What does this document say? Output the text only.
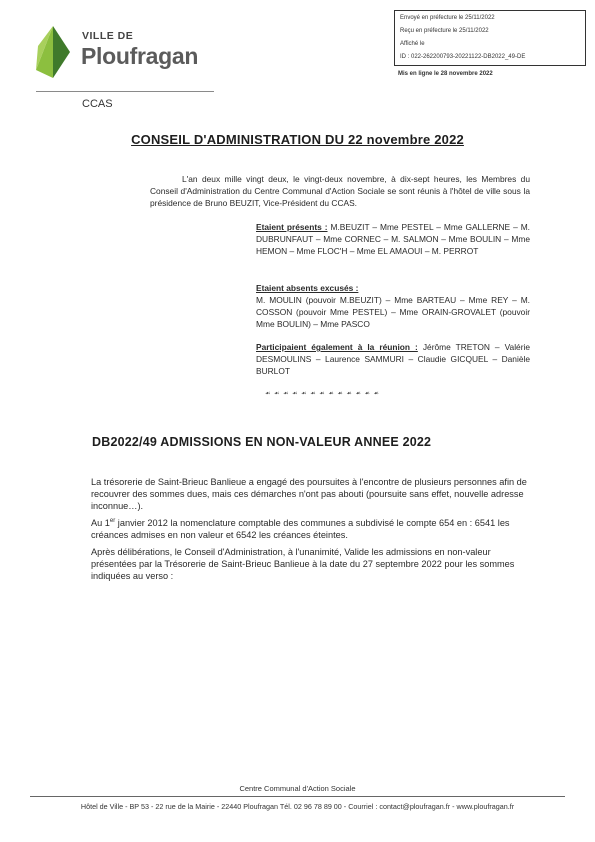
VILLE DE
Ploufragan
CCAS
Envoyé en préfecture le 25/11/2022
Reçu en préfecture le 25/11/2022
Affiché le
ID : 022-262200793-20221122-DB2022_49-DE
Mis en ligne le 28 novembre 2022
CONSEIL D'ADMINISTRATION DU 22 novembre 2022
L'an deux mille vingt deux, le vingt-deux novembre, à dix-sept heures, les Membres du Conseil d'Administration du Centre Communal d'Action Sociale se sont réunis à l'hôtel de ville sous la présidence de Bruno BEUZIT, Vice-Président du CCAS.
Etaient présents : M.BEUZIT – Mme PESTEL – Mme GALLERNE – M. DUBRUNFAUT – Mme CORNEC – M. SALMON – Mme BOULIN – Mme HEMON – Mme FLOC'H – Mme EL AMAOUI – M. PERROT
Etaient absents excusés :
M. MOULIN (pouvoir M.BEUZIT) – Mme BARTEAU – Mme REY – M. COSSON (pouvoir Mme PESTEL) – Mme ORAIN-GROVALET (pouvoir Mme BOULIN) – Mme PASCO
Participaient également à la réunion : Jérôme TRETON – Valérie DESMOULINS – Laurence SAMMURI – Claudie GICQUEL – Danièle BURLOT
☙ ☙ ☙ ☙ ☙ ☙ ☙ ☙ ☙ ☙ ☙ ☙ ☙
DB2022/49 ADMISSIONS EN NON-VALEUR ANNEE 2022
La trésorerie de Saint-Brieuc Banlieue a engagé des poursuites à l'encontre de plusieurs personnes afin de recouvrer des sommes dues, mais ces démarches n'ont pas abouti (poursuite sans effet, nouvelle adresse inconnue…).
Au 1er janvier 2012 la nomenclature comptable des communes a subdivisé le compte 654 en : 6541 les créances admises en non valeur et 6542 les créances éteintes.
Après délibérations, le Conseil d'Administration, à l'unanimité, Valide les admissions en non-valeur présentées par la Trésorerie de Saint-Brieuc Banlieue à la date du 27 septembre 2022 pour les sommes indiquées au verso :
Centre Communal d'Action Sociale
Hôtel de Ville - BP 53 - 22 rue de la Mairie - 22440 Ploufragan Tél. 02 96 78 89 00 - Courriel : contact@ploufragan.fr - www.ploufragan.fr
